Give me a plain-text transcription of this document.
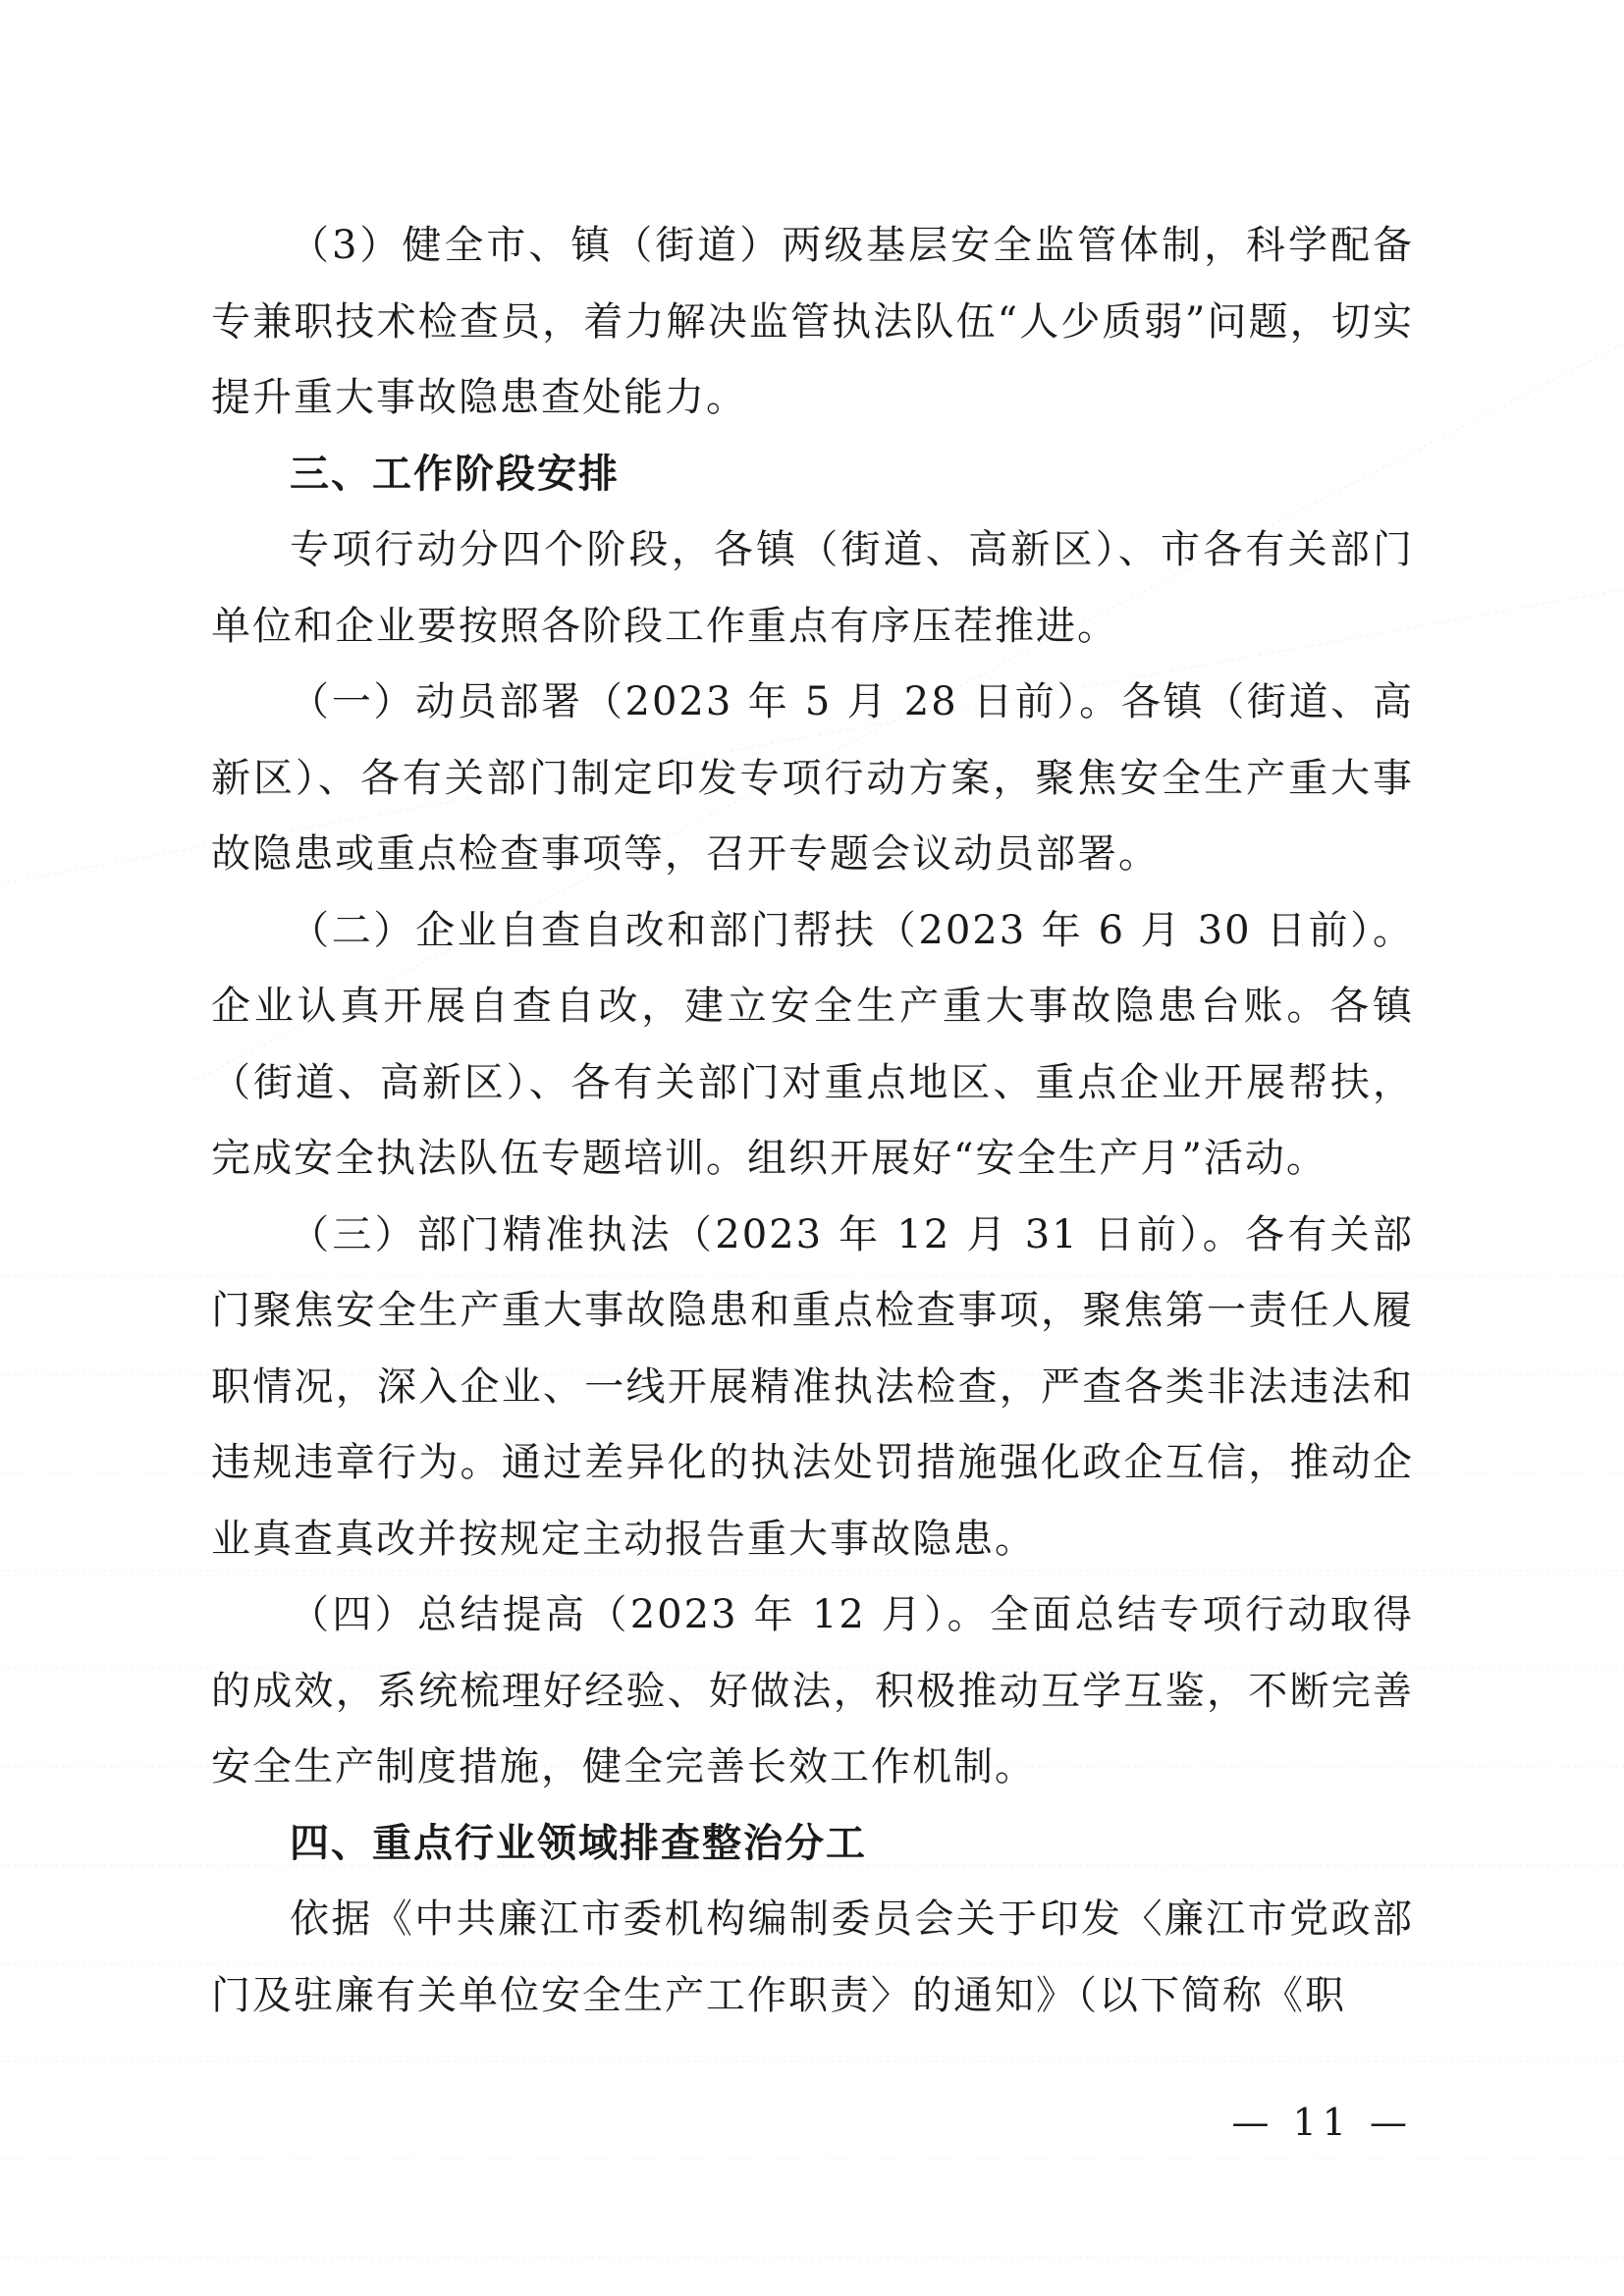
（3）健全市、镇（街道）两级基层安全监管体制，科学配备专兼职技术检查员，着力解决监管执法队伍“人少质弱”问题，切实提升重大事故隐患查处能力。

三、工作阶段安排

专项行动分四个阶段，各镇（街道、高新区）、市各有关部门单位和企业要按照各阶段工作重点有序压茬推进。

（一）动员部署（2023 年 5 月 28 日前）。各镇（街道、高新区）、各有关部门制定印发专项行动方案，聚焦安全生产重大事故隐患或重点检查事项等，召开专题会议动员部署。

（二）企业自查自改和部门帮扶（2023 年 6 月 30 日前）。企业认真开展自查自改，建立安全生产重大事故隐患台账。各镇（街道、高新区）、各有关部门对重点地区、重点企业开展帮扶，完成安全执法队伍专题培训。组织开展好“安全生产月”活动。

（三）部门精准执法（2023 年 12 月 31 日前）。各有关部门聚焦安全生产重大事故隐患和重点检查事项，聚焦第一责任人履职情况，深入企业、一线开展精准执法检查，严查各类非法违法和违规违章行为。通过差异化的执法处罚措施强化政企互信，推动企业真查真改并按规定主动报告重大事故隐患。

（四）总结提高（2023 年 12 月）。全面总结专项行动取得的成效，系统梳理好经验、好做法，积极推动互学互鉴，不断完善安全生产制度措施，健全完善长效工作机制。

四、重点行业领域排查整治分工

依据《中共廉江市委机构编制委员会关于印发〈廉江市党政部门及驻廉有关单位安全生产工作职责〉的通知》（以下简称《职

— 11 —
